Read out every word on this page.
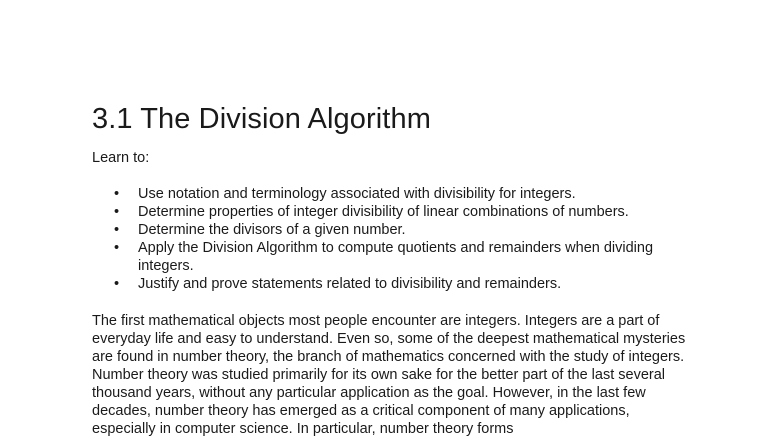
3.1 The Division Algorithm

Learn to:

• Use notation and terminology associated with divisibility for integers.
• Determine properties of integer divisibility of linear combinations of numbers.
• Determine the divisors of a given number.
• Apply the Division Algorithm to compute quotients and remainders when dividing integers.
• Justify and prove statements related to divisibility and remainders.

The first mathematical objects most people encounter are integers. Integers are a part of everyday life and easy to understand. Even so, some of the deepest mathematical mysteries are found in number theory, the branch of mathematics concerned with the study of integers. Number theory was studied primarily for its own sake for the better part of the last several thousand years, without any particular application as the goal. However, in the last few decades, number theory has emerged as a critical component of many applications, especially in computer science. In particular, number theory forms
